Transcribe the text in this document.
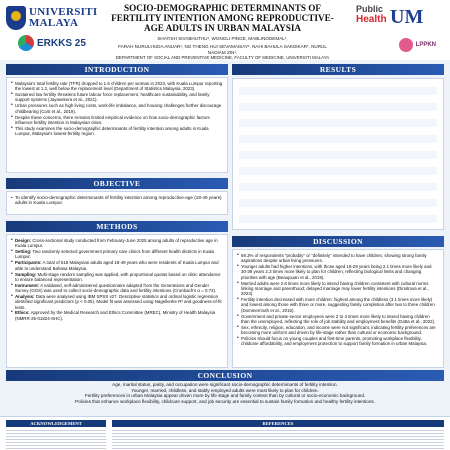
UNIVERSITI
MALAYA
ERKKS 25
SOCIO-DEMOGRAPHIC DETERMINANTS OF FERTILITY INTENTION AMONG REPRODUCTIVE-AGE ADULTS IN URBAN MALAYSIA
SHATISH SIVABHUTHU¹, WONGLI PINGE, MABLINODEMAL¹,
FARAH NURULHUDA ANUAR¹, NG THENG HUI SEVAMAISAY¹, NAHI BAHULA SAKDIKAR¹, NURUL NADIAM ZIN¹,
DEPARTMENT OF SOCIAL AND PREVENTIVE MEDICINE, FACULTY OF MEDICINE, UNIVERSITI MALAYA
Public
Health UM
LPPKN
INTRODUCTION
• Malaysia's total fertility rate (TFR) dropped to 1.6 children per woman in 2023, with Kuala Lumpur reporting the lowest at 1.2, well below the replacement level (Department of Statistics Malaysia, 2023).
• Sustained low fertility threatens future labour force replacement, healthcare sustainability, and family support systems (Jayasekera et al., 2021).
• Urban pressures such as high living costs, work-life imbalance, and housing challenges further discourage childbearing (Cost et al., 2019).
• Despite these concerns, there remains limited empirical evidence on how socio-demographic factors influence fertility intention in Malaysian cities.
• This study examines the socio-demographic determinants of fertility intention among adults in Kuala Lumpur, Malaysia's lowest-fertility region.
RESULTS
OBJECTIVE

• To identify socio-demographic determinants of fertility intention among reproductive-age (18-49 years) adults in Kuala Lumpur.

METHODS
• Design: Cross-sectional study conducted from February-June 2025 among adults of reproductive age in Kuala Lumpur.
• Setting: Two randomly selected government primary care clinics from different health districts in Kuala Lumpur.
• Participants: A total of 618 Malaysian adults aged 18-49 years who were residents of Kuala Lumpur and able to understand Bahasa Malaysia.
• Sampling: Multi-stage random sampling was applied, with proportional quotas based on clinic attendance to ensure balanced representation.
• Instrument: A validated, self-administered questionnaire adapted from the Generations and Gender Survey (GGS) was used to collect socio-demographic data and fertility intentions (Cronbach's α = 0.73).
• Analysis: Data were analysed using IBM SPSS v27. Descriptive statistics and ordinal logistic regression identified significant predictors (p < 0.05). Model fit was assessed using Nagelkerke R² and goodness-of-fit tests.
• Ethics: Approved by the Medical Research and Ethics Committee (MREC), Ministry of Health Malaysia (NMRR-25-01824-SHC).
DISCUSSION
• 69.3% of respondents "probably" or "definitely" intended to have children, showing strong family aspirations despite urban living pressures.
• Younger adults had higher intentions, with those aged 18-29 years being 2.1 times more likely and 30-39 years 2.3 times more likely to plan for children, reflecting biological limits and changing priorities with age (Beaujouan et al., 2019).
• Married adults were 2.8 times more likely to intend having children consistent with cultural norms linking marriage and parenthood; delayed marriage may lower fertility intentions (Dimitrova et al., 2023).
• Fertility intention decreased with more children: highest among the childless (3.1 times more likely) and lowest among those with three or more, suggesting family completion after two to three children (Dommermuth et al., 2015).
• Government and private-sector employees were 2 to 3 times more likely to intend having children than the unemployed, reflecting the role of job stability and employment benefits (Gatta et al., 2022).
• Sex, ethnicity, religion, education, and income were not significant, indicating fertility preferences are becoming more uniform and driven by life-stage rather than cultural or economic background.
• Policies should focus on young couples and first-time parents, promoting workplace flexibility, childcare affordability, and employment protection to support family formation in urban Malaysia.
CONCLUSION

Age, marital status, parity, and occupation were significant socio-demographic determinants of fertility intention.

Younger, married, childless, and stably employed adults were most likely to plan for children.

Fertility preferences in urban Malaysia appear driven more by life stage and family context than by cultural or socio-economic background.

Policies that enhance workplace flexibility, childcare support, and job security are essential to sustain family formation and healthy fertility intentions.

ACKNOWLEDGEMENT	REFERENCES
